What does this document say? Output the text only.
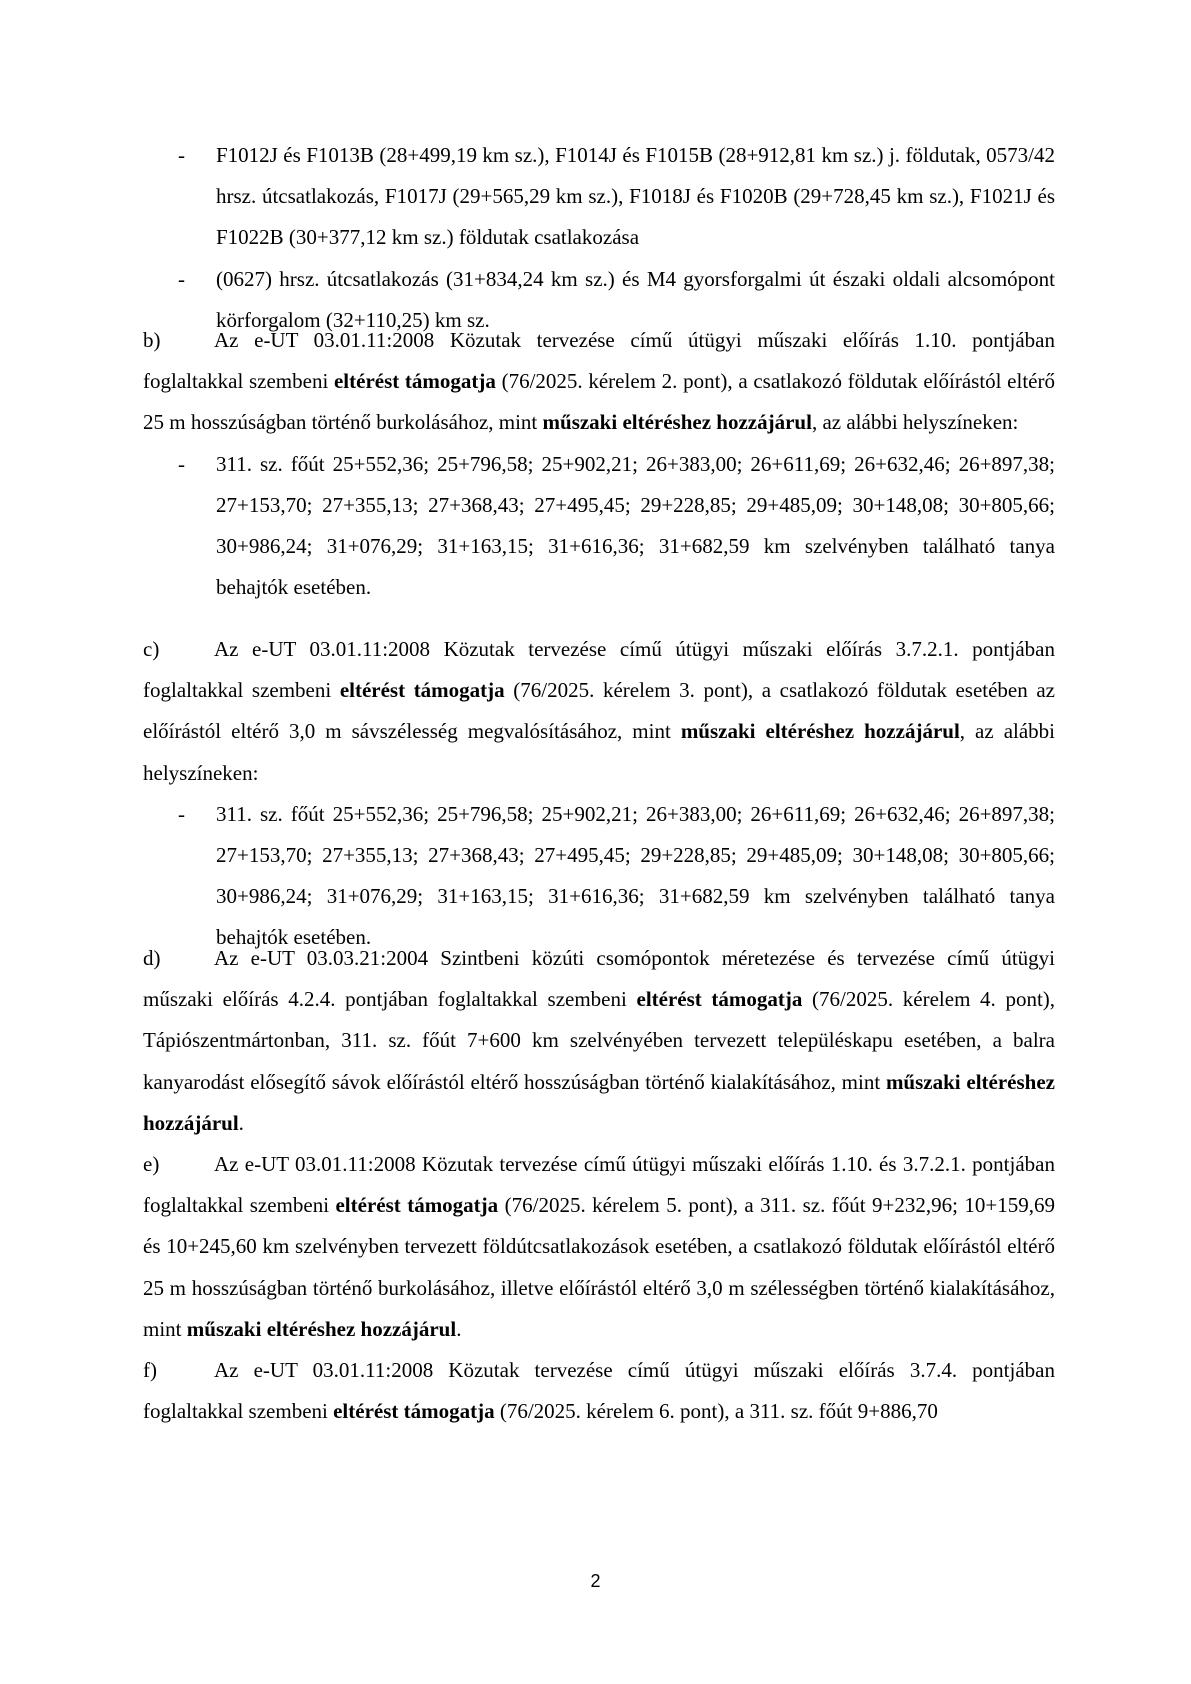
- F1012J és F1013B (28+499,19 km sz.), F1014J és F1015B (28+912,81 km sz.) j. földutak, 0573/42 hrsz. útcsatlakozás, F1017J (29+565,29 km sz.), F1018J és F1020B (29+728,45 km sz.), F1021J és F1022B (30+377,12 km sz.) földutak csatlakozása

- (0627) hrsz. útcsatlakozás (31+834,24 km sz.) és M4 gyorsforgalmi út északi oldali alcsomópont körforgalom (32+110,25) km sz.

b)	Az e-UT 03.01.11:2008 Közutak tervezése című útügyi műszaki előírás 1.10. pontjában foglaltakkal szembeni eltérést támogatja (76/2025. kérelem 2. pont), a csatlakozó földutak előírástól eltérő 25 m hosszúságban történő burkolásához, mint műszaki eltéréshez hozzájárul, az alábbi helyszíneken:

- 311. sz. főút 25+552,36; 25+796,58; 25+902,21; 26+383,00; 26+611,69; 26+632,46; 26+897,38; 27+153,70; 27+355,13; 27+368,43; 27+495,45; 29+228,85; 29+485,09; 30+148,08; 30+805,66; 30+986,24; 31+076,29; 31+163,15; 31+616,36; 31+682,59 km szelvényben található tanya behajtók esetében.

c)	Az e-UT 03.01.11:2008 Közutak tervezése című útügyi műszaki előírás 3.7.2.1. pontjában foglaltakkal szembeni eltérést támogatja (76/2025. kérelem 3. pont), a csatlakozó földutak esetében az előírástól eltérő 3,0 m sávszélesség megvalósításához, mint műszaki eltéréshez hozzájárul, az alábbi helyszíneken:

- 311. sz. főút 25+552,36; 25+796,58; 25+902,21; 26+383,00; 26+611,69; 26+632,46; 26+897,38; 27+153,70; 27+355,13; 27+368,43; 27+495,45; 29+228,85; 29+485,09; 30+148,08; 30+805,66; 30+986,24; 31+076,29; 31+163,15; 31+616,36; 31+682,59 km szelvényben található tanya behajtók esetében.

d)	Az e-UT 03.03.21:2004 Szintbeni közúti csomópontok méretezése és tervezése című útügyi műszaki előírás 4.2.4. pontjában foglaltakkal szembeni eltérést támogatja (76/2025. kérelem 4. pont), Tápiószentmártonban, 311. sz. főút 7+600 km szelvényében tervezett településkapu esetében, a balra kanyarodást elősegítő sávok előírástól eltérő hosszúságban történő kialakításához, mint műszaki eltéréshez hozzájárul.

e)	Az e-UT 03.01.11:2008 Közutak tervezése című útügyi műszaki előírás 1.10. és 3.7.2.1. pontjában foglaltakkal szembeni eltérést támogatja (76/2025. kérelem 5. pont), a 311. sz. főút 9+232,96; 10+159,69 és 10+245,60 km szelvényben tervezett földútcsatlakozások esetében, a csatlakozó földutak előírástól eltérő 25 m hosszúságban történő burkolásához, illetve előírástól eltérő 3,0 m szélességben történő kialakításához, mint műszaki eltéréshez hozzájárul.

f)	Az e-UT 03.01.11:2008 Közutak tervezése című útügyi műszaki előírás 3.7.4. pontjában foglaltakkal szembeni eltérést támogatja (76/2025. kérelem 6. pont), a 311. sz. főút 9+886,70

2
